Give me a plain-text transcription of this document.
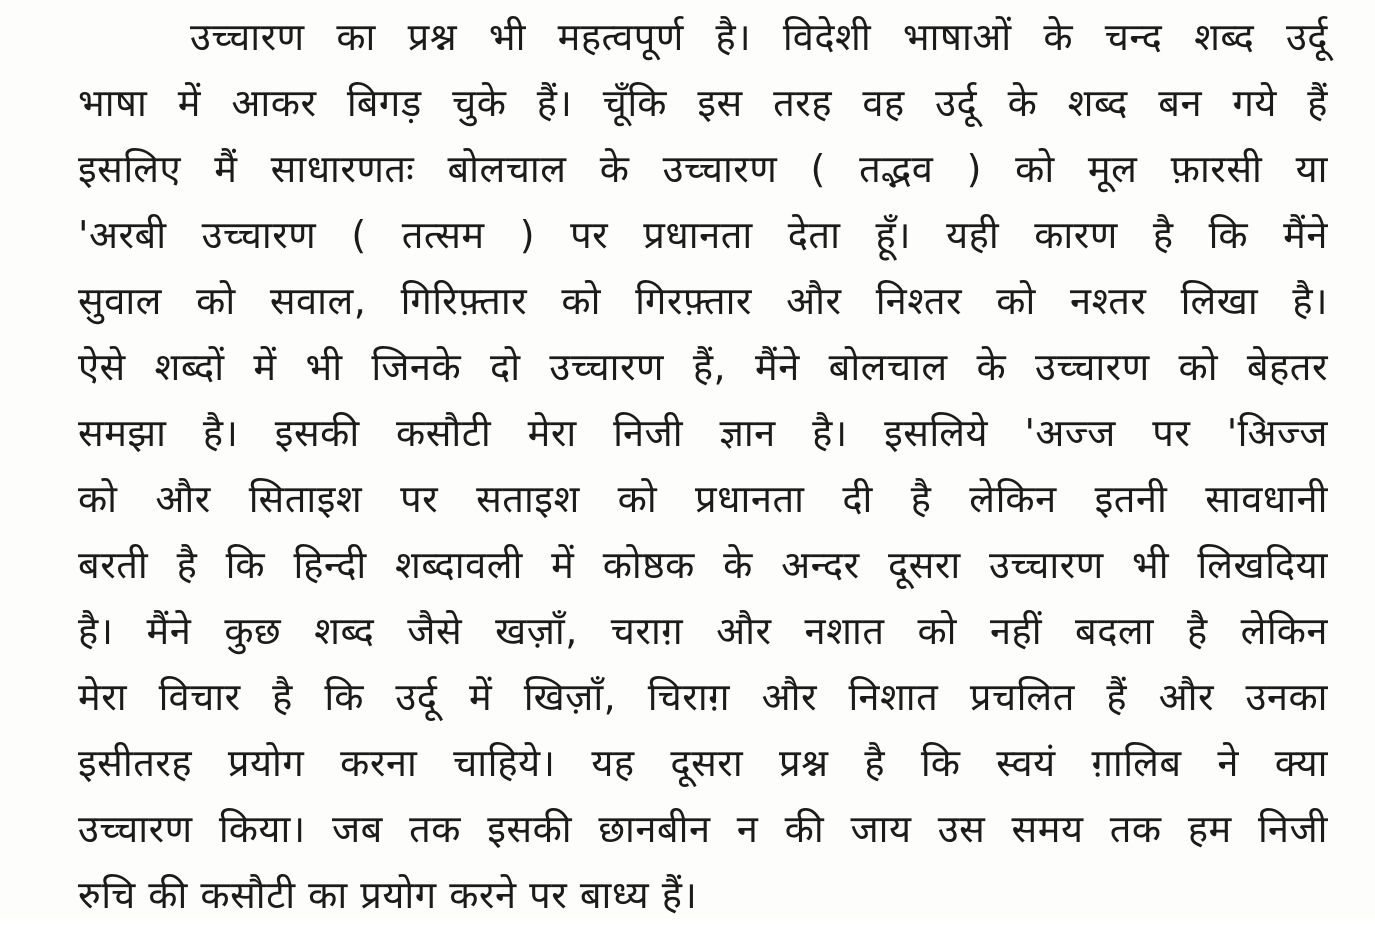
उच्चारण का प्रश्न भी महत्वपूर्ण है। विदेशी भाषाओं के चन्द शब्द उर्दू
भाषा में आकर बिगड़ चुके हैं। चूँकि इस तरह वह उर्दू के शब्द बन गये हैं
इसलिए मैं साधारणतः बोलचाल के उच्चारण ( तद्भव ) को मूल फ़ारसी या
'अरबी उच्चारण ( तत्सम ) पर प्रधानता देता हूँ। यही कारण है कि मैंने
सुवाल को सवाल, गिरिफ़्तार को गिरफ़्तार और निश्तर को नश्तर लिखा है।
ऐसे शब्दों में भी जिनके दो उच्चारण हैं, मैंने बोलचाल के उच्चारण को बेहतर
समझा है। इसकी कसौटी मेरा निजी ज्ञान है। इसलिये 'अज्ज पर 'अिज्ज
को और सिताइश पर सताइश को प्रधानता दी है लेकिन इतनी सावधानी
बरती है कि हिन्दी शब्दावली में कोष्ठक के अन्दर दूसरा उच्चारण भी लिखदिया
है। मैंने कुछ शब्द जैसे खज़ाँ, चराग़ और नशात को नहीं बदला है लेकिन
मेरा विचार है कि उर्दू में खिज़ाँ, चिराग़ और निशात प्रचलित हैं और उनका
इसीतरह प्रयोग करना चाहिये। यह दूसरा प्रश्न है कि स्वयं ग़ालिब ने क्या
उच्चारण किया। जब तक इसकी छानबीन न की जाय उस समय तक हम निजी
रुचि की कसौटी का प्रयोग करने पर बाध्य हैं।
